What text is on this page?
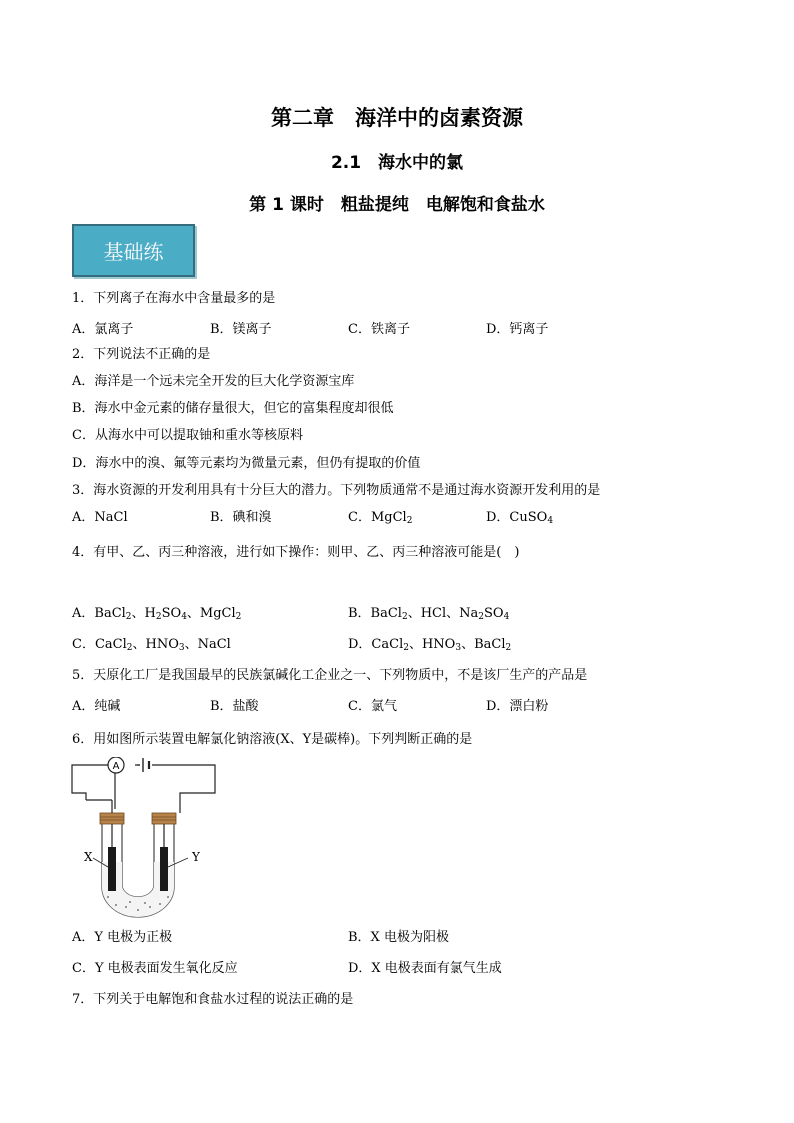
第二章　海洋中的卤素资源
2.1　海水中的氯
第 1 课时　粗盐提纯　电解饱和食盐水
基础练

1．下列离子在海水中含量最多的是

A．氯离子	B．镁离子	C．铁离子	D．钙离子

2．下列说法不正确的是

A．海洋是一个远未完全开发的巨大化学资源宝库

B．海水中金元素的储存量很大，但它的富集程度却很低

C．从海水中可以提取铀和重水等核原料

D．海水中的溴、氟等元素均为微量元素，但仍有提取的价值

3．海水资源的开发利用具有十分巨大的潜力。下列物质通常不是通过海水资源开发利用的是

A．NaCl	B．碘和溴	C．MgCl$_2$	D．CuSO$_4$

4．有甲、乙、丙三种溶液，进行如下操作：则甲、乙、丙三种溶液可能是(　)

A．BaCl$_2$、$H_2SO_4$、MgCl$_2$	B．BaCl$_2$、HCl、$Na_2SO_4$
C．CaCl$_2$、$HNO_3$、NaCl	D．CaCl$_2$、$HNO_3$、BaCl$_2$

5．天原化工厂是我国最早的民族氯碱化工企业之一、下列物质中，不是该厂生产的产品是

A．纯碱	B．盐酸	C．氯气	D．漂白粉

6．用如图所示装置电解氯化钠溶液(X、Y是碳棒)。下列判断正确的是

A
X	Y
A．Y 电极为正极	B．X 电极为阳极
C．Y 电极表面发生氧化反应	D．X 电极表面有氯气生成

7．下列关于电解饱和食盐水过程的说法正确的是
